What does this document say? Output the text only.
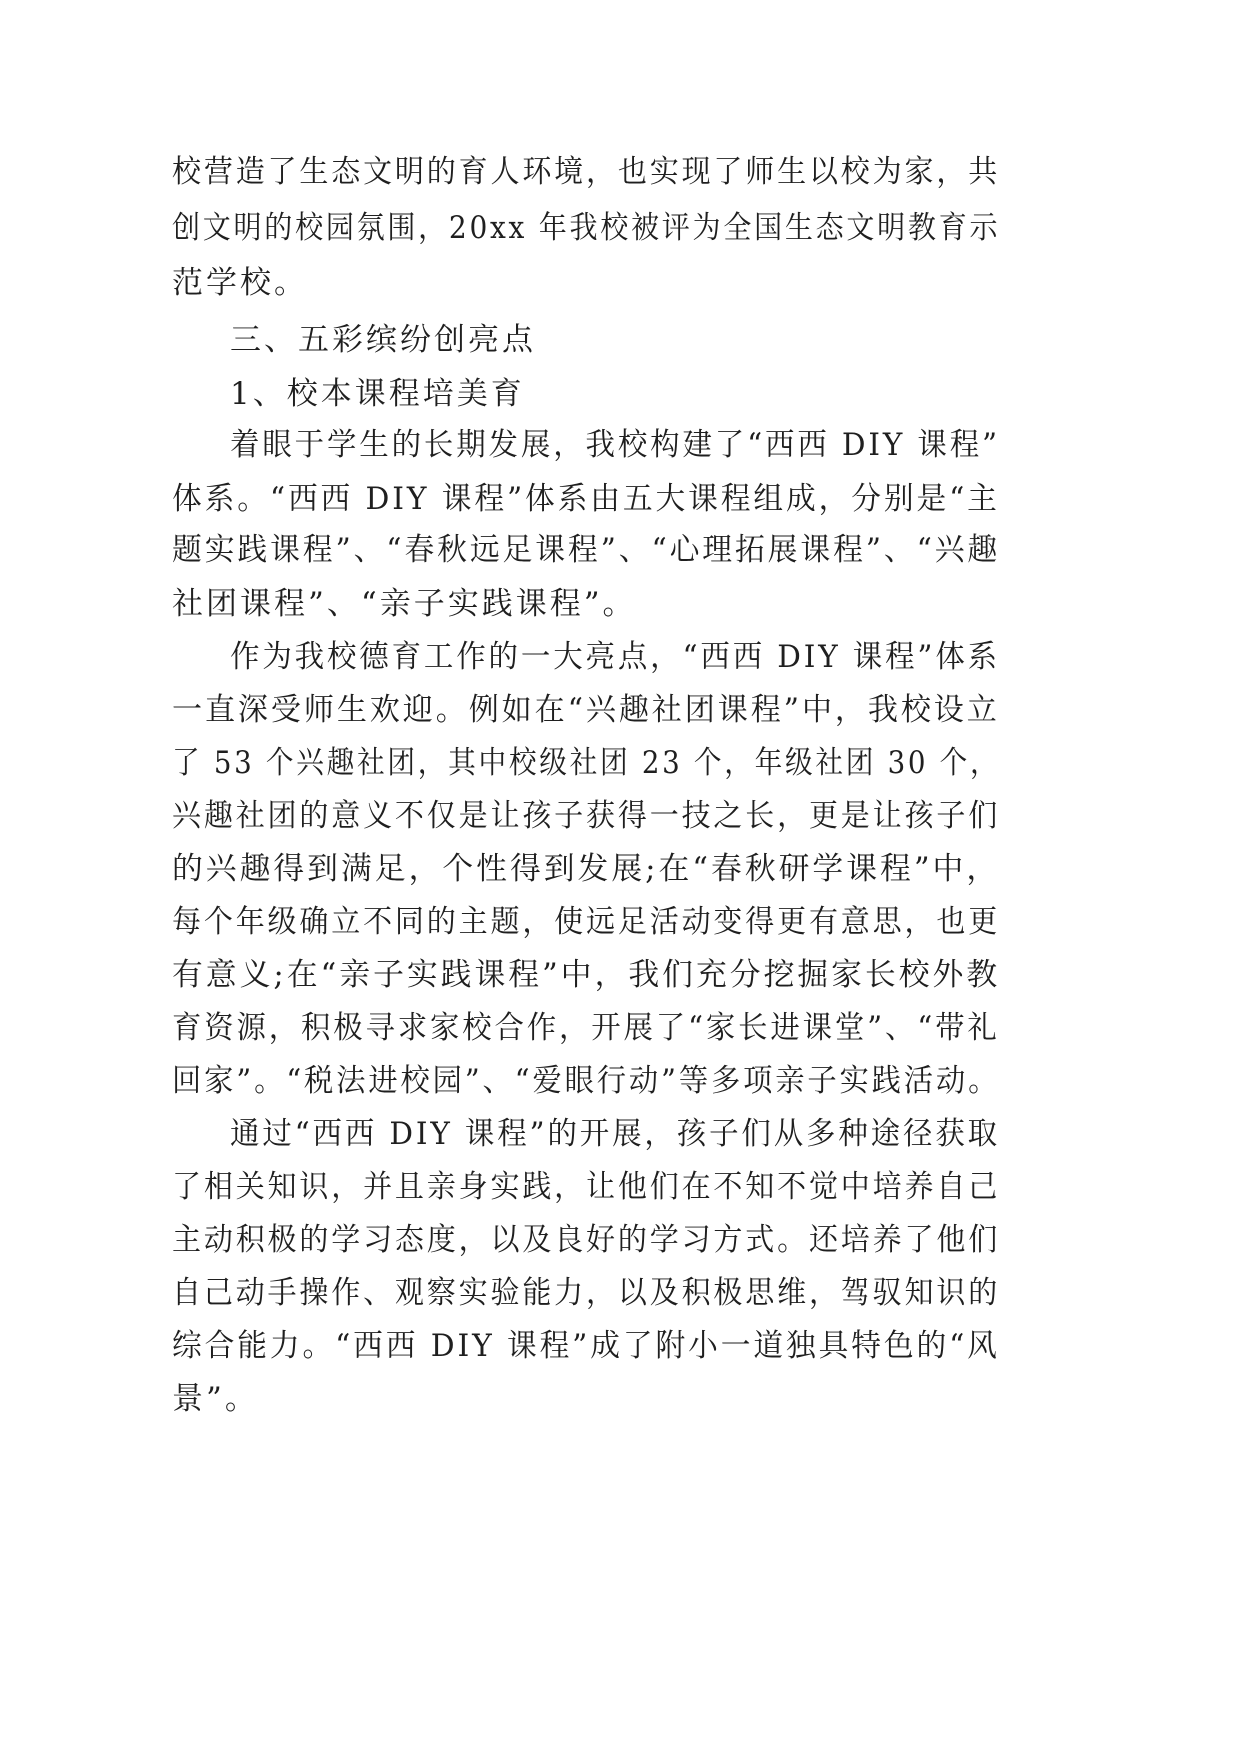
校营造了生态文明的育人环境，也实现了师生以校为家，共
创文明的校园氛围，20xx 年我校被评为全国生态文明教育示
范学校。
三、五彩缤纷创亮点
1、校本课程培美育
着眼于学生的长期发展，我校构建了“西西 DIY 课程”
体系。“西西 DIY 课程”体系由五大课程组成，分别是“主
题实践课程”、“春秋远足课程”、“心理拓展课程”、“兴趣
社团课程”、“亲子实践课程”。
作为我校德育工作的一大亮点，“西西 DIY 课程”体系
一直深受师生欢迎。例如在“兴趣社团课程”中，我校设立
了 53 个兴趣社团，其中校级社团 23 个，年级社团 30 个，
兴趣社团的意义不仅是让孩子获得一技之长，更是让孩子们
的兴趣得到满足，个性得到发展;在“春秋研学课程”中，
每个年级确立不同的主题，使远足活动变得更有意思，也更
有意义;在“亲子实践课程”中，我们充分挖掘家长校外教
育资源，积极寻求家校合作，开展了“家长进课堂”、“带礼
回家”。“税法进校园”、“爱眼行动”等多项亲子实践活动。
通过“西西 DIY 课程”的开展，孩子们从多种途径获取
了相关知识，并且亲身实践，让他们在不知不觉中培养自己
主动积极的学习态度，以及良好的学习方式。还培养了他们
自己动手操作、观察实验能力，以及积极思维，驾驭知识的
综合能力。“西西 DIY 课程”成了附小一道独具特色的“风
景”。
